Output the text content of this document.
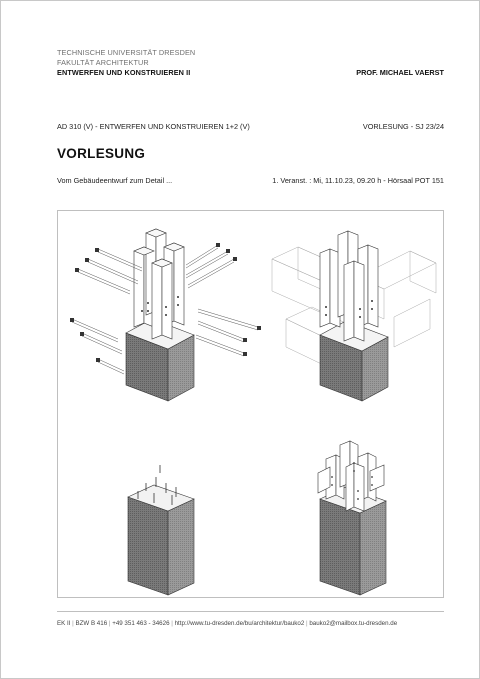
TECHNISCHE UNIVERSITÄT DRESDEN
FAKULTÄT ARCHITEKTUR
ENTWERFEN UND KONSTRUIEREN II	PROF. MICHAEL VAERST
AD 310 (V) - ENTWERFEN UND KONSTRUIEREN 1+2 (V)	VORLESUNG - SJ 23/24
VORLESUNG
Vom Gebäudeentwurf zum Detail ...	1. Veranst. : Mi, 11.10.23, 09.20 h - Hörsaal POT 151
EK II | BZW B 416 | +49 351 463 - 34626 | http://www.tu-dresden.de/bu/architektur/bauko2 | bauko2@mailbox.tu-dresden.de
